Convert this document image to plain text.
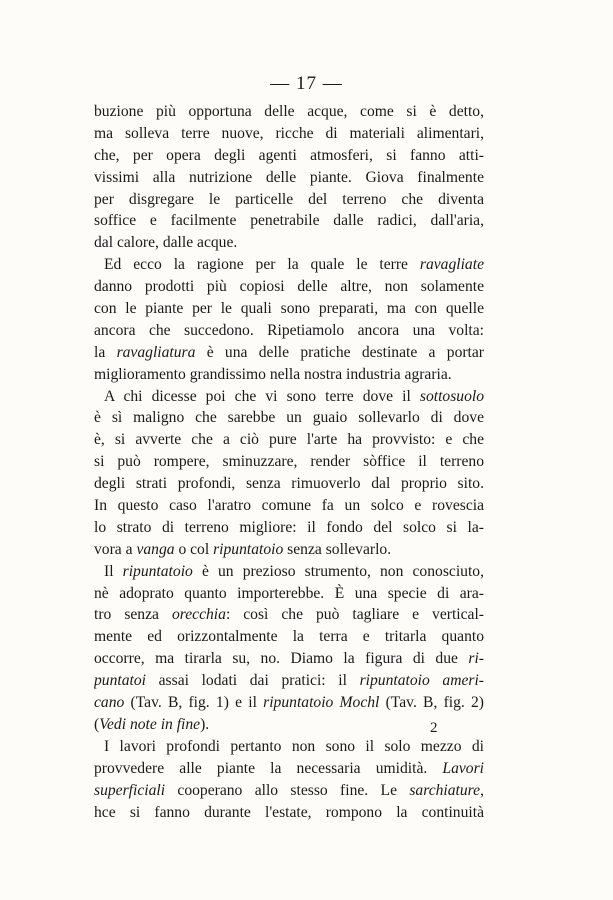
— 17 —
buzione più opportuna delle acque, come si è detto,
ma solleva terre nuove, ricche di materiali alimentari,
che, per opera degli agenti atmosferi, si fanno atti-
vissimi alla nutrizione delle piante. Giova finalmente
per disgregare le particelle del terreno che diventa
soffice e facilmente penetrabile dalle radici, dall'aria,
dal calore, dalle acque.
Ed ecco la ragione per la quale le terre ravagliate
danno prodotti più copiosi delle altre, non solamente
con le piante per le quali sono preparati, ma con quelle
ancora che succedono. Ripetiamolo ancora una volta:
la ravagliatura è una delle pratiche destinate a portar
miglioramento grandissimo nella nostra industria agraria.
A chi dicesse poi che vi sono terre dove il sottosuolo
è sì maligno che sarebbe un guaio sollevarlo di dove
è, si avverte che a ciò pure l'arte ha provvisto: e che
si può rompere, sminuzzare, render sòffice il terreno
degli strati profondi, senza rimuoverlo dal proprio sito.
In questo caso l'aratro comune fa un solco e rovescia
lo strato di terreno migliore: il fondo del solco si la-
vora a vanga o col ripuntatoio senza sollevarlo.
Il ripuntatoio è un prezioso strumento, non conosciuto,
nè adoprato quanto importerebbe. È una specie di ara-
tro senza orecchia: così che può tagliare e vertical-
mente ed orizzontalmente la terra e tritarla quanto
occorre, ma tirarla su, no. Diamo la figura di due ri-
puntatoi assai lodati dai pratici: il ripuntatoio ameri-
cano (Tav. B, fig. 1) e il ripuntatoio Mochl (Tav. B, fig. 2)
(Vedi note in fine).
I lavori profondi pertanto non sono il solo mezzo di
provvedere alle piante la necessaria umidità. Lavori
superficiali cooperano allo stesso fine. Le sarchiature,
hce si fanno durante l'estate, rompono la continuità
2
